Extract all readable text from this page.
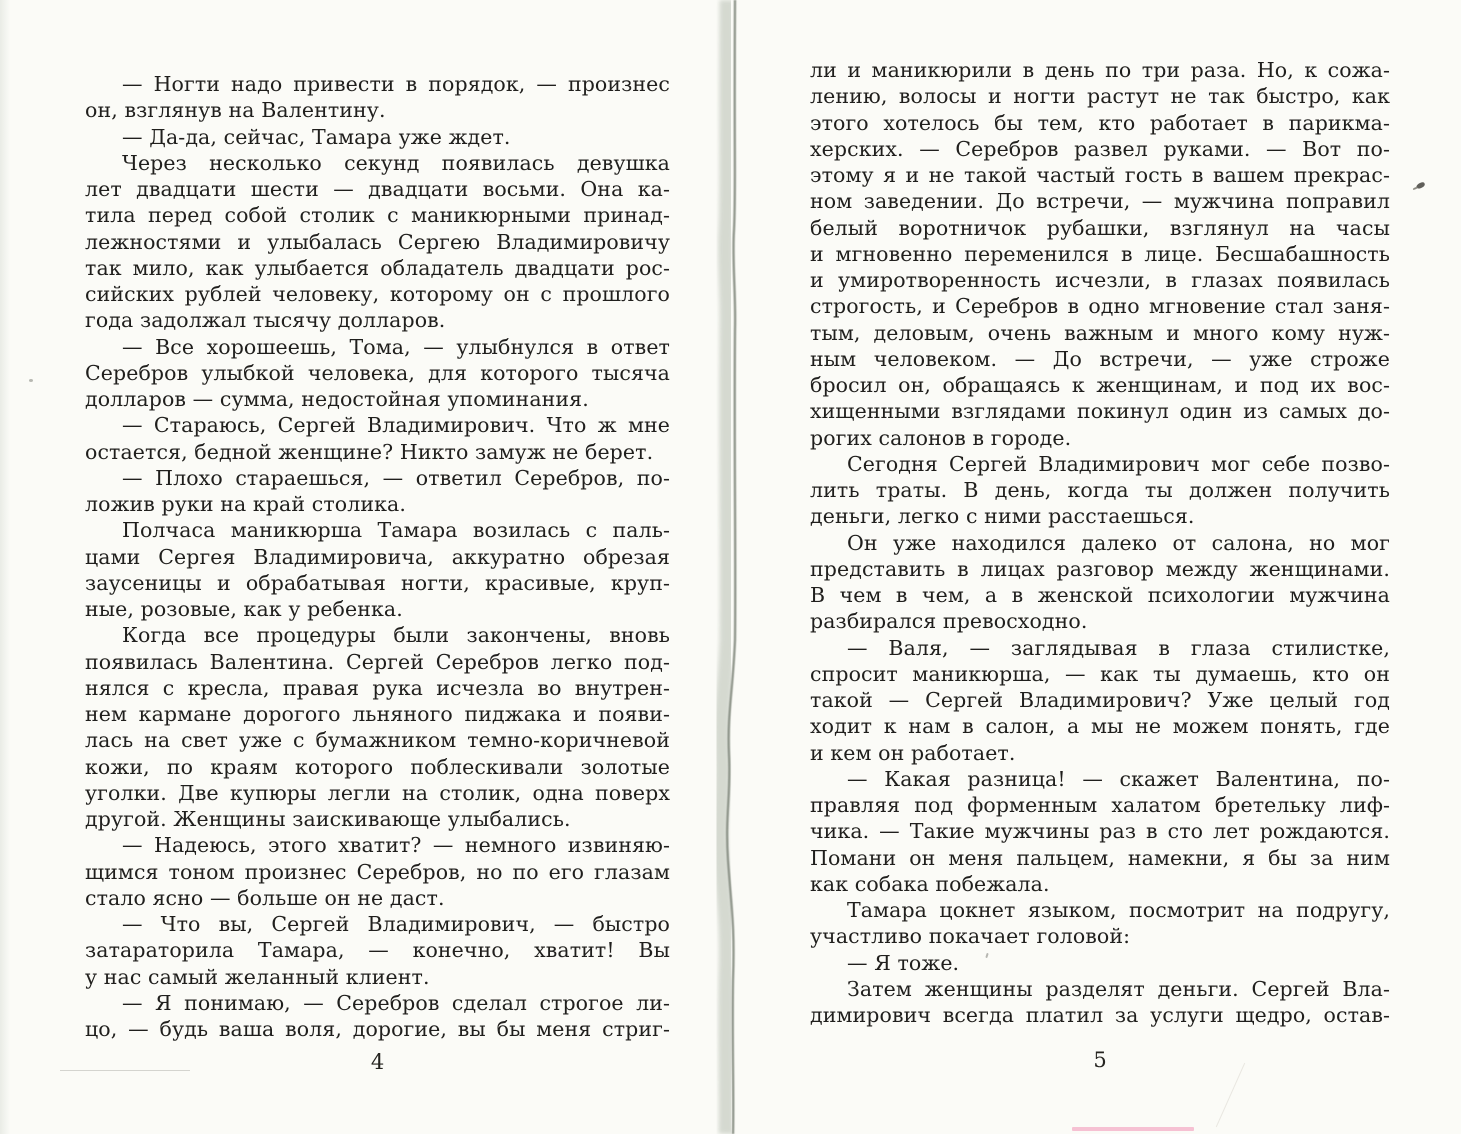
— Ногти надо привести в порядок, — произнес
он, взглянув на Валентину.
— Да-да, сейчас, Тамара уже ждет.
Через несколько секунд появилась девушка
лет двадцати шести — двадцати восьми. Она ка-
тила перед собой столик с маникюрными принад-
лежностями и улыбалась Сергею Владимировичу
так мило, как улыбается обладатель двадцати рос-
сийских рублей человеку, которому он с прошлого
года задолжал тысячу долларов.
— Все хорошеешь, Тома, — улыбнулся в ответ
Серебров улыбкой человека, для которого тысяча
долларов — сумма, недостойная упоминания.
— Стараюсь, Сергей Владимирович. Что ж мне
остается, бедной женщине? Никто замуж не берет.
— Плохо стараешься, — ответил Серебров, по-
ложив руки на край столика.
Полчаса маникюрша Тамара возилась с паль-
цами Сергея Владимировича, аккуратно обрезая
заусеницы и обрабатывая ногти, красивые, круп-
ные, розовые, как у ребенка.
Когда все процедуры были закончены, вновь
появилась Валентина. Сергей Серебров легко под-
нялся с кресла, правая рука исчезла во внутрен-
нем кармане дорогого льняного пиджака и появи-
лась на свет уже с бумажником темно-коричневой
кожи, по краям которого поблескивали золотые
уголки. Две купюры легли на столик, одна поверх
другой. Женщины заискивающе улыбались.
— Надеюсь, этого хватит? — немного извиняю-
щимся тоном произнес Серебров, но по его глазам
стало ясно — больше он не даст.
— Что вы, Сергей Владимирович, — быстро
затараторила Тамара, — конечно, хватит! Вы
у нас самый желанный клиент.
— Я понимаю, — Серебров сделал строгое ли-
цо, — будь ваша воля, дорогие, вы бы меня стриг-
4
ли и маникюрили в день по три раза. Но, к сожа-
лению, волосы и ногти растут не так быстро, как
этого хотелось бы тем, кто работает в парикма-
херских. — Серебров развел руками. — Вот по-
этому я и не такой частый гость в вашем прекрас-
ном заведении. До встречи, — мужчина поправил
белый воротничок рубашки, взглянул на часы
и мгновенно переменился в лице. Бесшабашность
и умиротворенность исчезли, в глазах появилась
строгость, и Серебров в одно мгновение стал заня-
тым, деловым, очень важным и много кому нуж-
ным человеком. — До встречи, — уже строже
бросил он, обращаясь к женщинам, и под их вос-
хищенными взглядами покинул один из самых до-
рогих салонов в городе.
Сегодня Сергей Владимирович мог себе позво-
лить траты. В день, когда ты должен получить
деньги, легко с ними расстаешься.
Он уже находился далеко от салона, но мог
представить в лицах разговор между женщинами.
В чем в чем, а в женской психологии мужчина
разбирался превосходно.
— Валя, — заглядывая в глаза стилистке,
спросит маникюрша, — как ты думаешь, кто он
такой — Сергей Владимирович? Уже целый год
ходит к нам в салон, а мы не можем понять, где
и кем он работает.
— Какая разница! — скажет Валентина, по-
правляя под форменным халатом бретельку лиф-
чика. — Такие мужчины раз в сто лет рождаются.
Помани он меня пальцем, намекни, я бы за ним
как собака побежала.
Тамара цокнет языком, посмотрит на подругу,
участливо покачает головой:
— Я тоже.
Затем женщины разделят деньги. Сергей Вла-
димирович всегда платил за услуги щедро, остав-
5
